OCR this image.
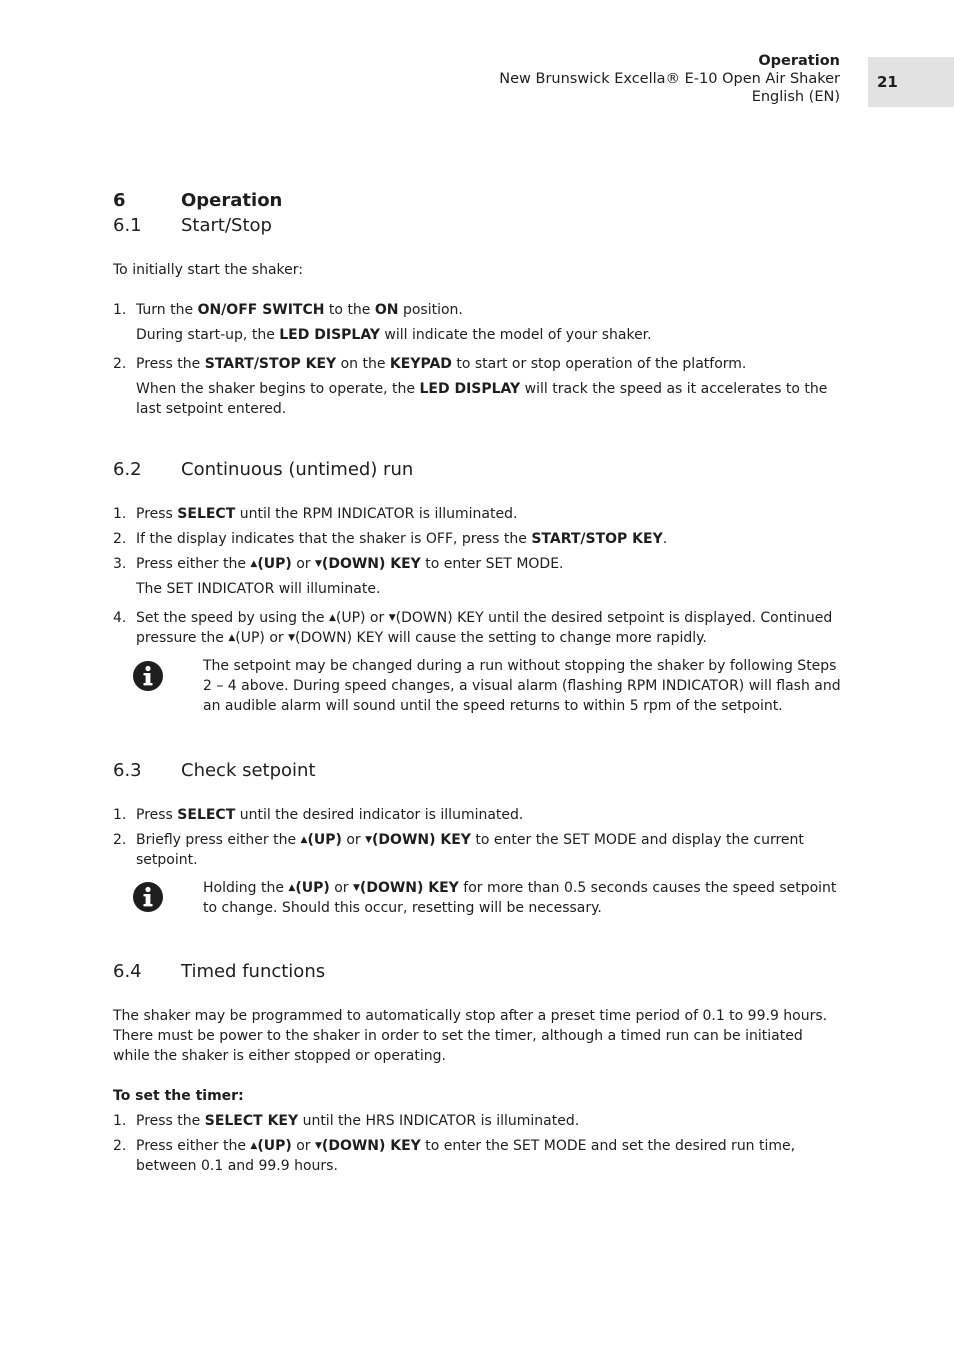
Operation
New Brunswick Excella® E-10 Open Air Shaker
English (EN)
21
6	Operation
6.1 Start/Stop
To initially start the shaker:
1. Turn the ON/OFF SWITCH to the ON position.
During start-up, the LED DISPLAY will indicate the model of your shaker.
2. Press the START/STOP KEY on the KEYPAD to start or stop operation of the platform.
When the shaker begins to operate, the LED DISPLAY will track the speed as it accelerates to the last setpoint entered.
6.2 Continuous (untimed) run
1. Press SELECT until the RPM INDICATOR is illuminated.
2. If the display indicates that the shaker is OFF, press the START/STOP KEY.
3. Press either the ▲(UP) or ▼(DOWN) KEY to enter SET MODE.
The SET INDICATOR will illuminate.
4. Set the speed by using the ▲(UP) or ▼(DOWN) KEY until the desired setpoint is displayed. Continued pressure the ▲(UP) or ▼(DOWN) KEY will cause the setting to change more rapidly.
The setpoint may be changed during a run without stopping the shaker by following Steps 2 – 4 above. During speed changes, a visual alarm (flashing RPM INDICATOR) will flash and an audible alarm will sound until the speed returns to within 5 rpm of the setpoint.
6.3 Check setpoint
1. Press SELECT until the desired indicator is illuminated.
2. Briefly press either the ▲(UP) or ▼(DOWN) KEY to enter the SET MODE and display the current setpoint.
Holding the ▲(UP) or ▼(DOWN) KEY for more than 0.5 seconds causes the speed setpoint to change. Should this occur, resetting will be necessary.
6.4 Timed functions
The shaker may be programmed to automatically stop after a preset time period of 0.1 to 99.9 hours. There must be power to the shaker in order to set the timer, although a timed run can be initiated while the shaker is either stopped or operating.
To set the timer:
1. Press the SELECT KEY until the HRS INDICATOR is illuminated.
2. Press either the ▲(UP) or ▼(DOWN) KEY to enter the SET MODE and set the desired run time, between 0.1 and 99.9 hours.
